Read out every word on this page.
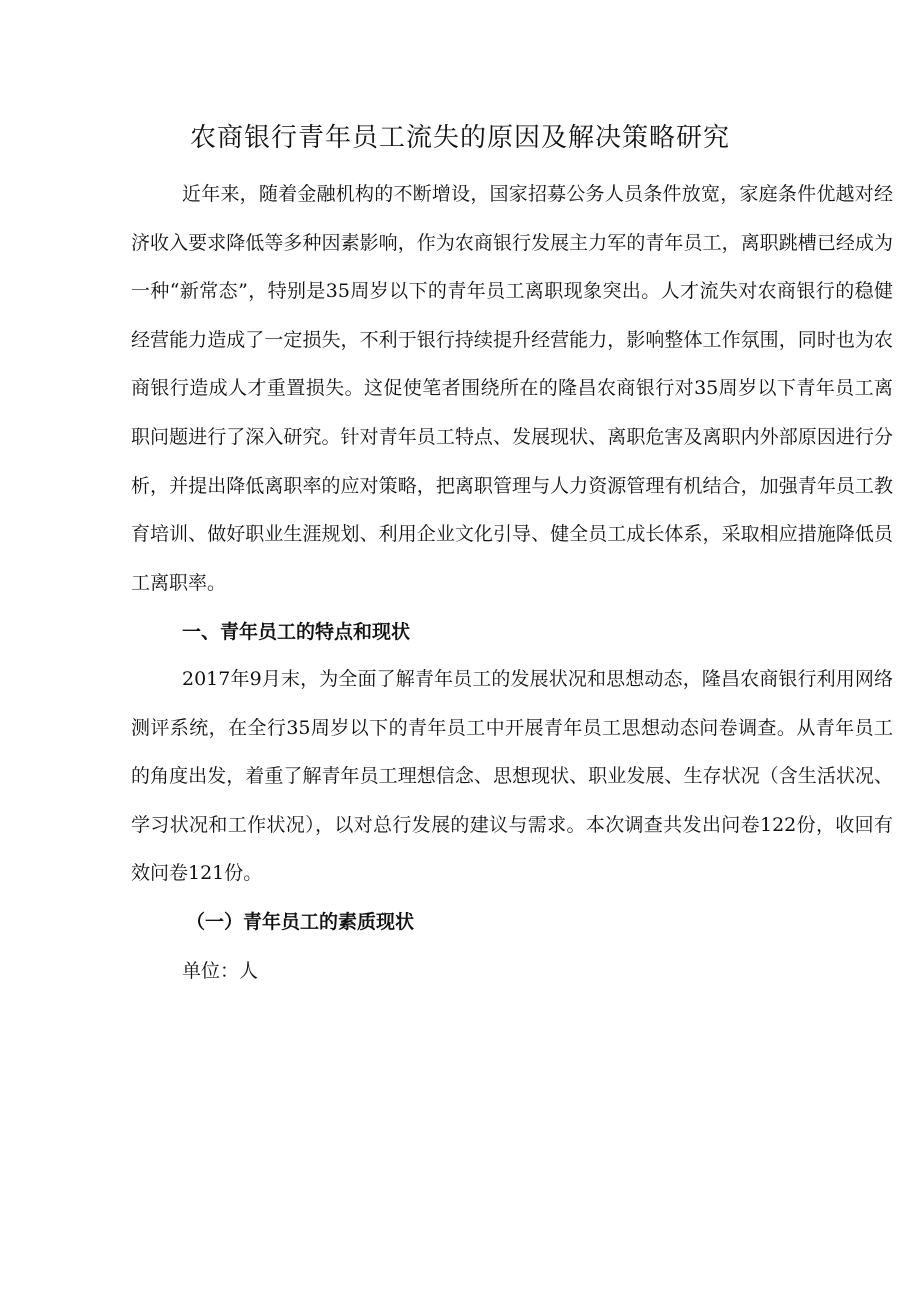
农商银行青年员工流失的原因及解决策略研究

近年来，随着金融机构的不断增设，国家招募公务人员条件放宽，家庭条件优越对经济收入要求降低等多种因素影响，作为农商银行发展主力军的青年员工，离职跳槽已经成为一种“新常态”，特别是35周岁以下的青年员工离职现象突出。人才流失对农商银行的稳健经营能力造成了一定损失，不利于银行持续提升经营能力，影响整体工作氛围，同时也为农商银行造成人才重置损失。这促使笔者围绕所在的隆昌农商银行对35周岁以下青年员工离职问题进行了深入研究。针对青年员工特点、发展现状、离职危害及离职内外部原因进行分析，并提出降低离职率的应对策略，把离职管理与人力资源管理有机结合，加强青年员工教育培训、做好职业生涯规划、利用企业文化引导、健全员工成长体系，采取相应措施降低员工离职率。

一、青年员工的特点和现状

2017年9月末，为全面了解青年员工的发展状况和思想动态，隆昌农商银行利用网络测评系统，在全行35周岁以下的青年员工中开展青年员工思想动态问卷调查。从青年员工的角度出发，着重了解青年员工理想信念、思想现状、职业发展、生存状况（含生活状况、学习状况和工作状况），以对总行发展的建议与需求。本次调查共发出问卷122份，收回有效问卷121份。

（一）青年员工的素质现状

单位：人
